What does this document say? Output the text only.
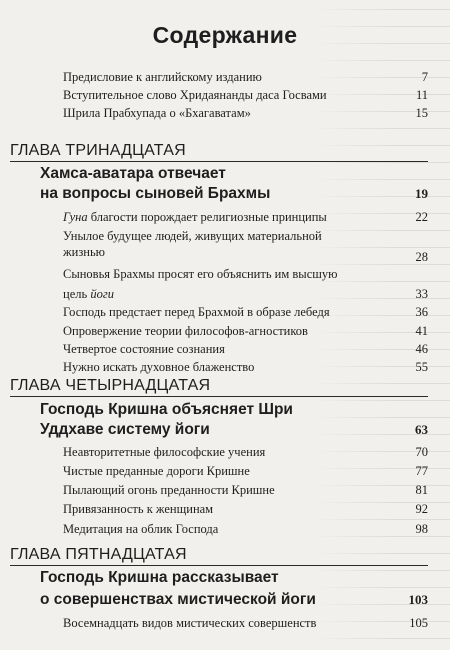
Содержание
Предисловие к английскому изданию	7
Вступительное слово Хридаянанды даса Госвами	11
Шрила Прабхупада о «Бхагаватам»	15
ГЛАВА ТРИНАДЦАТАЯ
Хамса-аватара отвечает
на вопросы сыновей Брахмы	19
Гуна благости порождает религиозные принципы	22
Унылое будущее людей, живущих материальной
жизнью	28
Сыновья Брахмы просят его объяснить им высшую
цель йоги	33
Господь предстает перед Брахмой в образе лебедя	36
Опровержение теории философов-агностиков	41
Четвертое состояние сознания	46
Нужно искать духовное блаженство	55
ГЛАВА ЧЕТЫРНАДЦАТАЯ
Господь Кришна объясняет Шри
Уддхаве систему йоги	63
Неавторитетные философские учения	70
Чистые преданные дороги Кришне	77
Пылающий огонь преданности Кришне	81
Привязанность к женщинам	92
Медитация на облик Господа	98
ГЛАВА ПЯТНАДЦАТАЯ
Господь Кришна рассказывает
о совершенствах мистической йоги	103
Восемнадцать видов мистических совершенств	105
